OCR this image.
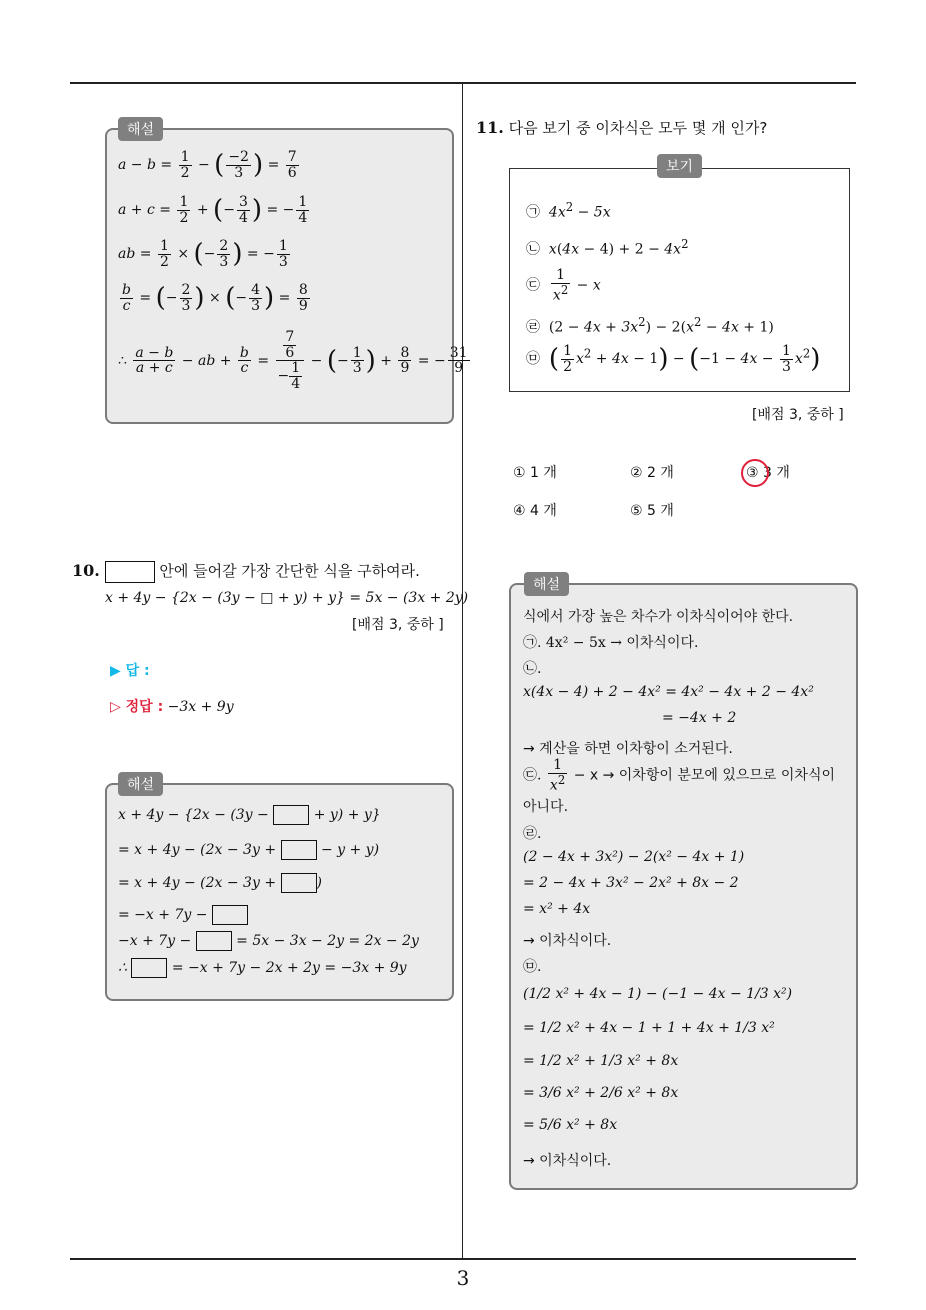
3
해설
$a - b = \frac{1}{2}$ − ( $\frac{-2}{3}$ ) = $\frac{7}{6}$
$a + c = \frac{1}{2}$ + (− $\frac{3}{4}$ ) = − $\frac{1}{4}$
ab = $\frac{1}{2}$ × (− $\frac{2}{3}$ ) = − $\frac{1}{3}$
$\frac{b}{c}$ = (− $\frac{2}{3}$ ) × (− $\frac{4}{3}$ ) = $\frac{8}{9}$
∴ $\frac{a - b}{a + c}$ − ab + $\frac{b}{c} = \frac{\frac{7}{6}}{- \frac{1}{4}}$ − (− $\frac{1}{3}$ ) + $\frac{8}{9}$ = − $\frac{31}{9}$
10.	안에 들어갈 가장 간단한 식을 구하여라.
x + 4y − {2x − (3y − □ + y) + y} = 5x − (3x + 2y)
[배점 3, 중하 ]
▶ 답 :
▷ 정답 : −3x + 9y
해설
x + 4y − {2x − (3y −	+ y) + y}
= x + 4y − (2x − 3y +	− y + y)
= x + 4y − (2x − 3y +	)
= −x + 7y −
−x + 7y −	= 5x − 3x − 2y = 2x − 2y
∴	= −x + 7y − 2x + 2y = −3x + 9y
11. 다음 보기 중 이차식은 모두 몇 개 인가?
보기
㉠ $4x^2 - 5x$
㉡ $x(4x - 4) + 2 - 4x^2$
㉢ $\frac{1}{x^2} - x$
㉣  $(2 - 4x + 3x^2) - 2(x^2 - 4x + 1)$
㉤ ( $\frac{1}{2} x^2 + 4x - 1) - (-1 - 4x - \frac{1}{3} x^2)$
[배점 3, 중하 ]
① 1 개	② 2 개	③ 3 개
④ 4 개	⑤ 5 개
해설
식에서 가장 높은 차수가 이차식이어야 한다.
㉠. 4x² − 5x → 이차식이다.
㉡.
x(4x − 4) + 2 − 4x² = 4x² − 4x + 2 − 4x²
= −4x + 2
→ 계산을 하면 이차항이 소거된다.
㉢. $\frac{1}{x^2} - x$ → 이차항이 분모에 있으므로 이차식이
아니다.
㉣.
(2 − 4x + 3x²) − 2(x² − 4x + 1)
= 2 − 4x + 3x² − 2x² + 8x − 2
= x² + 4x
→ 이차식이다.
㉤.
(1/2 x² + 4x − 1) − (−1 − 4x − 1/3 x²)
= 1/2 x² + 4x − 1 + 1 + 4x + 1/3 x²
= 1/2 x² + 1/3 x² + 8x
= 3/6 x² + 2/6 x² + 8x
= 5/6 x² + 8x
→ 이차식이다.
